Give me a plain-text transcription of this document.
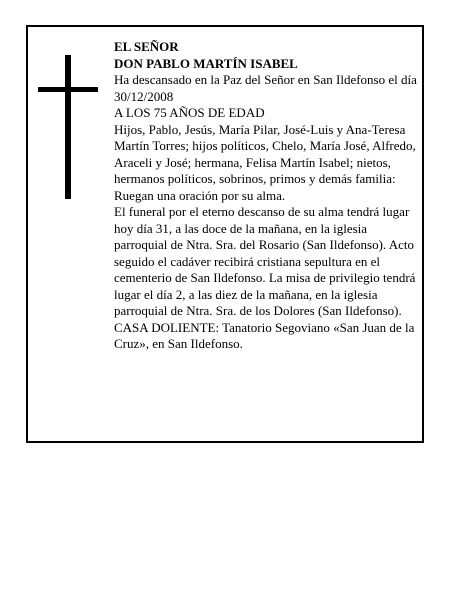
EL SEÑOR

DON PABLO MARTÍN ISABEL

Ha descansado en la Paz del Señor en San Ildefonso el día 30/12/2008

A LOS 75 AÑOS DE EDAD

Hijos, Pablo, Jesús, María Pilar, José-Luis y Ana-Teresa Martín Torres; hijos políticos, Chelo, María José, Alfredo, Araceli y José; hermana, Felisa Martín Isabel; nietos, hermanos políticos, sobrinos, primos y demás familia:

Ruegan una oración por su alma.

El funeral por el eterno descanso de su alma tendrá lugar hoy día 31, a las doce de la mañana, en la iglesia parroquial de Ntra. Sra. del Rosario (San Ildefonso). Acto seguido el cadáver recibirá cristiana sepultura en el cementerio de San Ildefonso. La misa de privilegio tendrá lugar el día 2, a las diez de la mañana, en la iglesia parroquial de Ntra. Sra. de los Dolores (San Ildefonso).

CASA DOLIENTE: Tanatorio Segoviano «San Juan de la Cruz», en San Ildefonso.
